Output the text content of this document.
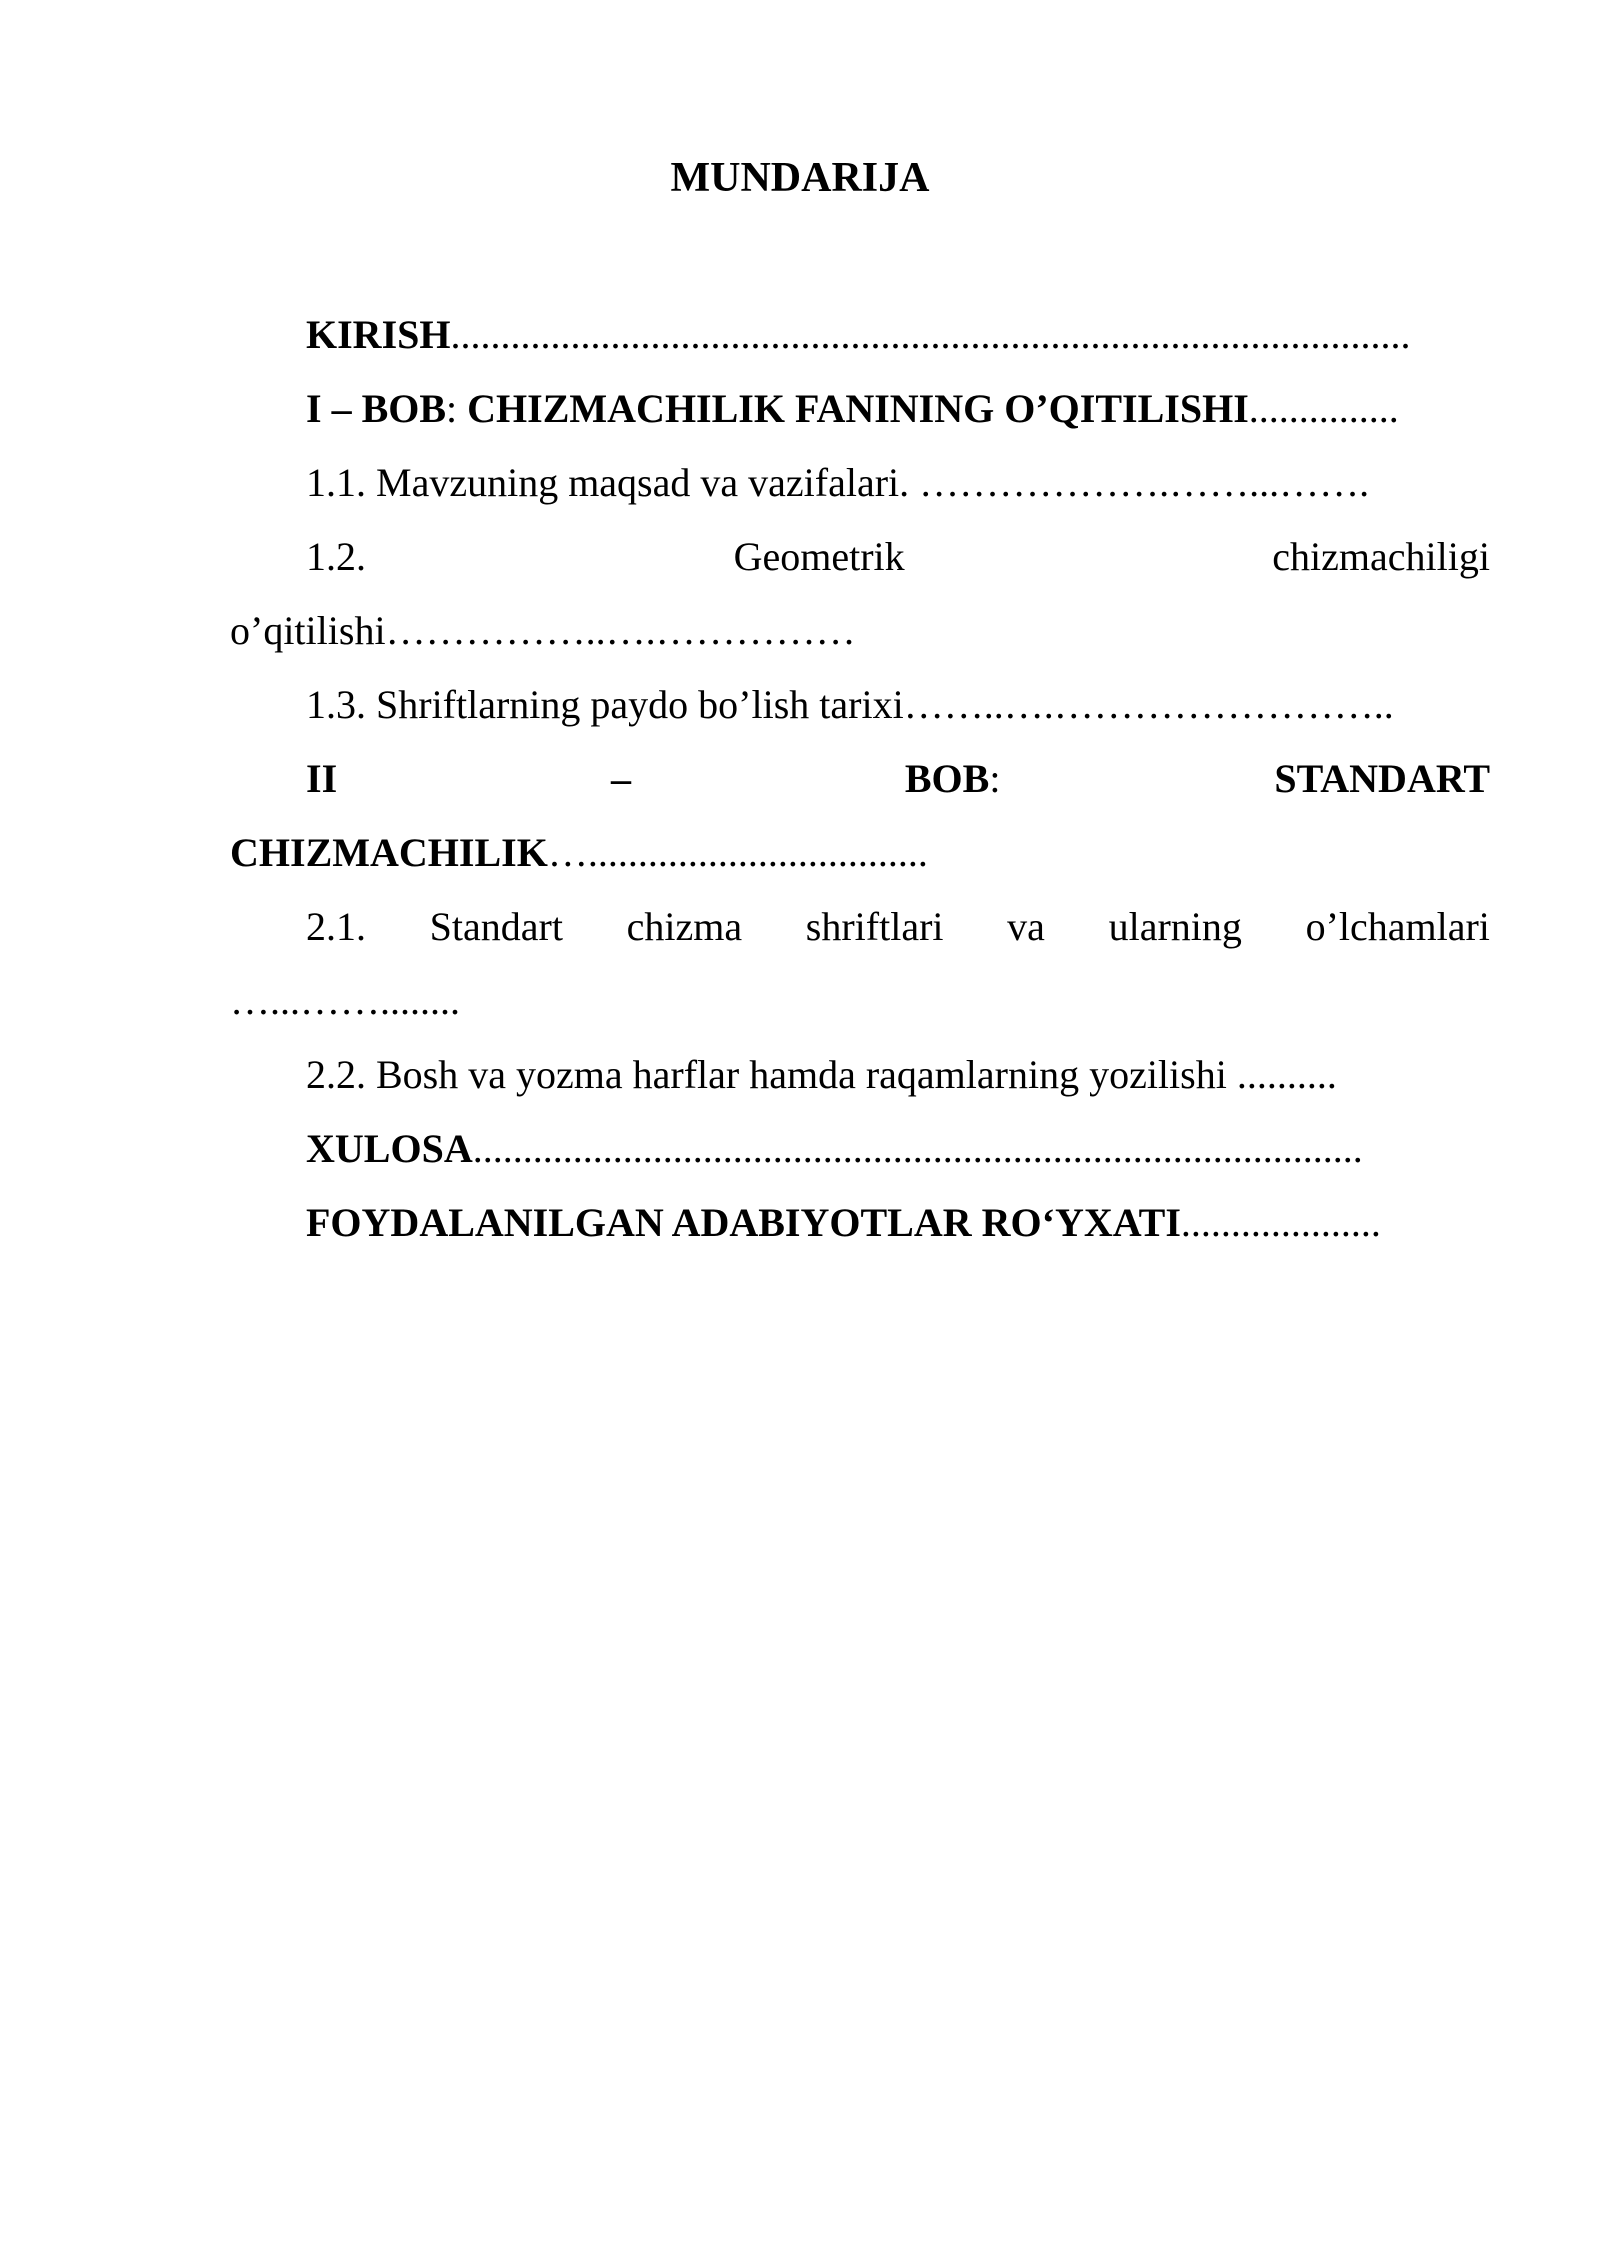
MUNDARIJA
KIRISH................................................................................................
I – BOB: CHIZMACHILIK FANINING O’QITILISHI...............
1.1. Mavzuning maqsad va vazifalari. ……………….……...…….
1.2.	Geometrik	chizmachiligi
o’qitilishi……………..….……………
1.3. Shriftlarning paydo bo’lish tarixi……..….……………………..
II	–	BOB:	STANDART
CHIZMACHILIK…..................................
2.1. Standart chizma shriftlari va ularning o’lchamlari
…...……........
2.2. Bosh va yozma harflar hamda raqamlarning yozilishi ..........
XULOSA.........................................................................................
FOYDALANILGAN ADABIYOTLAR RO‘YXATI....................
